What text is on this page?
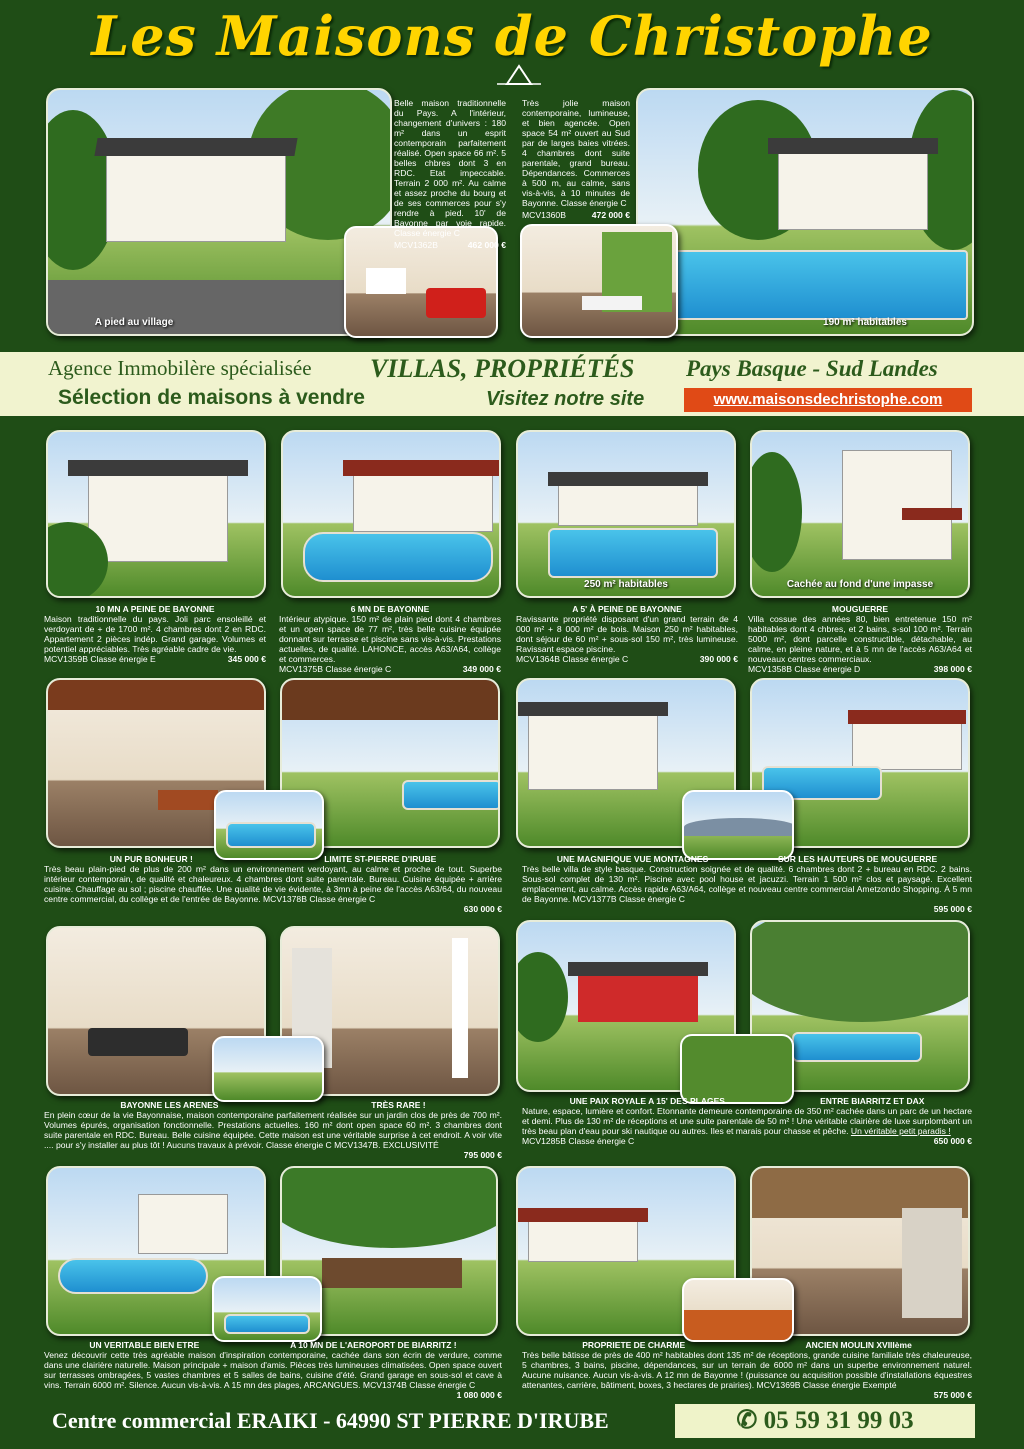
Les Maisons de Christophe
A pied au village
Belle maison traditionnelle du Pays. A l'intérieur, changement d'univers : 180 m² dans un esprit contemporain parfaitement réalisé. Open space 66 m². 5 belles chbres dont 3 en RDC. Etat impeccable. Terrain 2 000 m². Au calme et assez proche du bourg et de ses commerces pour s'y rendre à pied. 10' de Bayonne par voie rapide. Classe énergie C
MCV1362B	462 000 €
Très jolie maison contemporaine, lumineuse, et bien agencée. Open space 54 m² ouvert au Sud par de larges baies vitrées. 4 chambres dont suite parentale, grand bureau. Dépendances. Commerces à 500 m, au calme, sans vis-à-vis, à 10 minutes de Bayonne. Classe énergie C
MCV1360B	472 000 €
190 m² habitables
Agence Immobilère spécialisée VILLAS, PROPRIÉTÉS Pays Basque - Sud Landes
Sélection de maisons à vendre	Visitez notre site	www.maisonsdechristophe.com
250 m² habitables	Cachée au fond d'une impasse
10 MN A PEINE DE BAYONNE
Maison traditionnelle du pays. Joli parc ensoleillé et verdoyant de + de 1700 m². 4 chambres dont 2 en RDC. Appartement 2 pièces indép. Grand garage. Volumes et potentiel appréciables. Très agréable cadre de vie.
MCV1359B Classe énergie E	345 000 €
6 MN DE BAYONNE
Intérieur atypique. 150 m² de plain pied dont 4 chambres et un open space de 77 m², très belle cuisine équipée donnant sur terrasse et piscine sans vis-à-vis. Prestations actuelles, de qualité. LAHONCE, accès A63/A64, collège et commerces.
MCV1375B Classe énergie C	349 000 €
A 5' À PEINE DE BAYONNE
Ravissante propriété disposant d'un grand terrain de 4 000 m² + 8 000 m² de bois. Maison 250 m² habitables, dont séjour de 60 m² + sous-sol 150 m², très lumineuse. Ravissant espace piscine.
MCV1364B Classe énergie C	390 000 €
MOUGUERRE
Villa cossue des années 80, bien entretenue 150 m² habitables dont 4 chbres, et 2 bains, s-sol 100 m². Terrain 5000 m², dont parcelle constructible, détachable, au calme, en pleine nature, et à 5 mn de l'accès A63/A64 et nouveaux centres commerciaux.
MCV1358B Classe énergie D	398 000 €
UN PUR BONHEUR !	LIMITE ST-PIERRE D'IRUBE
Très beau plain-pied de plus de 200 m² dans un environnement verdoyant, au calme et proche de tout. Superbe intérieur contemporain, de qualité et chaleureux. 4 chambres dont suite parentale. Bureau. Cuisine équipée + arrière cuisine. Chauffage au sol ; piscine chauffée. Une qualité de vie évidente, à 3mn à peine de l'accès A63/64, du nouveau centre commercial, du collège et de l'entrée de Bayonne. MCV1378B Classe énergie C
630 000 €
UNE MAGNIFIQUE VUE MONTAGNES	SUR LES HAUTEURS DE MOUGUERRE
Très belle villa de style basque. Construction soignée et de qualité. 6 chambres dont 2 + bureau en RDC. 2 bains. Sous-sol complet de 130 m². Piscine avec pool house et jacuzzi. Terrain 1 500 m² clos et paysagé. Excellent emplacement, au calme. Accès rapide A63/A64, collège et nouveau centre commercial Ametzondo Shopping. À 5 mn de Bayonne. MCV1377B Classe énergie C
595 000 €
BAYONNE LES ARENES	TRÈS RARE !
En plein cœur de la vie Bayonnaise, maison contemporaine parfaitement réalisée sur un jardin clos de près de 700 m². Volumes épurés, organisation fonctionnelle. Prestations actuelles. 160 m² dont open space 60 m². 3 chambres dont suite parentale en RDC. Bureau. Belle cuisine équipée. Cette maison est une véritable surprise à cet endroit. A voir vite .... pour s'y installer au plus tôt ! Aucuns travaux à prévoir. Classe énergie C MCV1347B. EXCLUSIVITÉ
795 000 €
UNE PAIX ROYALE A 15' DES PLAGES	ENTRE BIARRITZ ET DAX
Nature, espace, lumière et confort. Etonnante demeure contemporaine de 350 m² cachée dans un parc de un hectare et demi. Plus de 130 m² de réceptions et une suite parentale de 50 m² ! Une véritable clairière de luxe surplombant un très beau plan d'eau pour ski nautique ou autres. Iles et marais pour chasse et pêche. Un véritable petit paradis !
MCV1285B Classe énergie C	650 000 €
UN VERITABLE BIEN ETRE	A 10 MN DE L'AEROPORT DE BIARRITZ !
Venez découvrir cette très agréable maison d'inspiration contemporaine, cachée dans son écrin de verdure, comme dans une clairière naturelle. Maison principale + maison d'amis. Pièces très lumineuses climatisées. Open space ouvert sur terrasses ombragées, 5 vastes chambres et 5 salles de bains, cuisine d'été. Grand garage en sous-sol et cave à vins. Terrain 6000 m². Silence. Aucun vis-à-vis. A 15 mn des plages, ARCANGUES. MCV1374B Classe énergie C
1 080 000 €
PROPRIETE DE CHARME	ANCIEN MOULIN XVIIIème
Très belle bâtisse de près de 400 m² habitables dont 135 m² de réceptions, grande cuisine familiale très chaleureuse, 5 chambres, 3 bains, piscine, dépendances, sur un terrain de 6000 m² dans un superbe environnement naturel. Aucune nuisance. Aucun vis-à-vis. A 12 mn de Bayonne ! (puissance ou acquisition possible d'installations équestres attenantes, carrière, bâtiment, boxes, 3 hectares de prairies). MCV1369B Classe énergie Exempté
575 000 €
Centre commercial ERAIKI - 64990 ST PIERRE D'IRUBE	✆ 05 59 31 99 03
